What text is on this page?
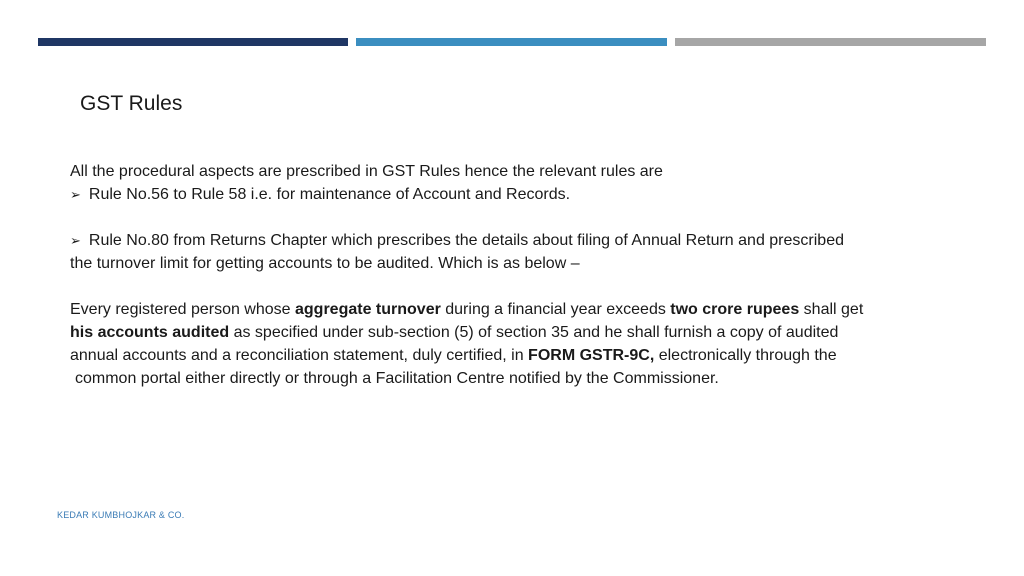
GST Rules
All the procedural aspects are prescribed in GST Rules hence the relevant rules are
➢ Rule No.56 to Rule 58 i.e. for maintenance of Account and Records.
➢ Rule No.80 from Returns Chapter which prescribes the details about filing of Annual Return and prescribed
the turnover limit for getting accounts to be audited. Which is as below –
Every registered person whose aggregate turnover during a financial year exceeds two crore rupees shall get
his accounts audited as specified under sub-section (5) of section 35 and he shall furnish a copy of audited
annual accounts and a reconciliation statement, duly certified, in FORM GSTR-9C, electronically through the
common portal either directly or through a Facilitation Centre notified by the Commissioner.
KEDAR KUMBHOJKAR & CO.
